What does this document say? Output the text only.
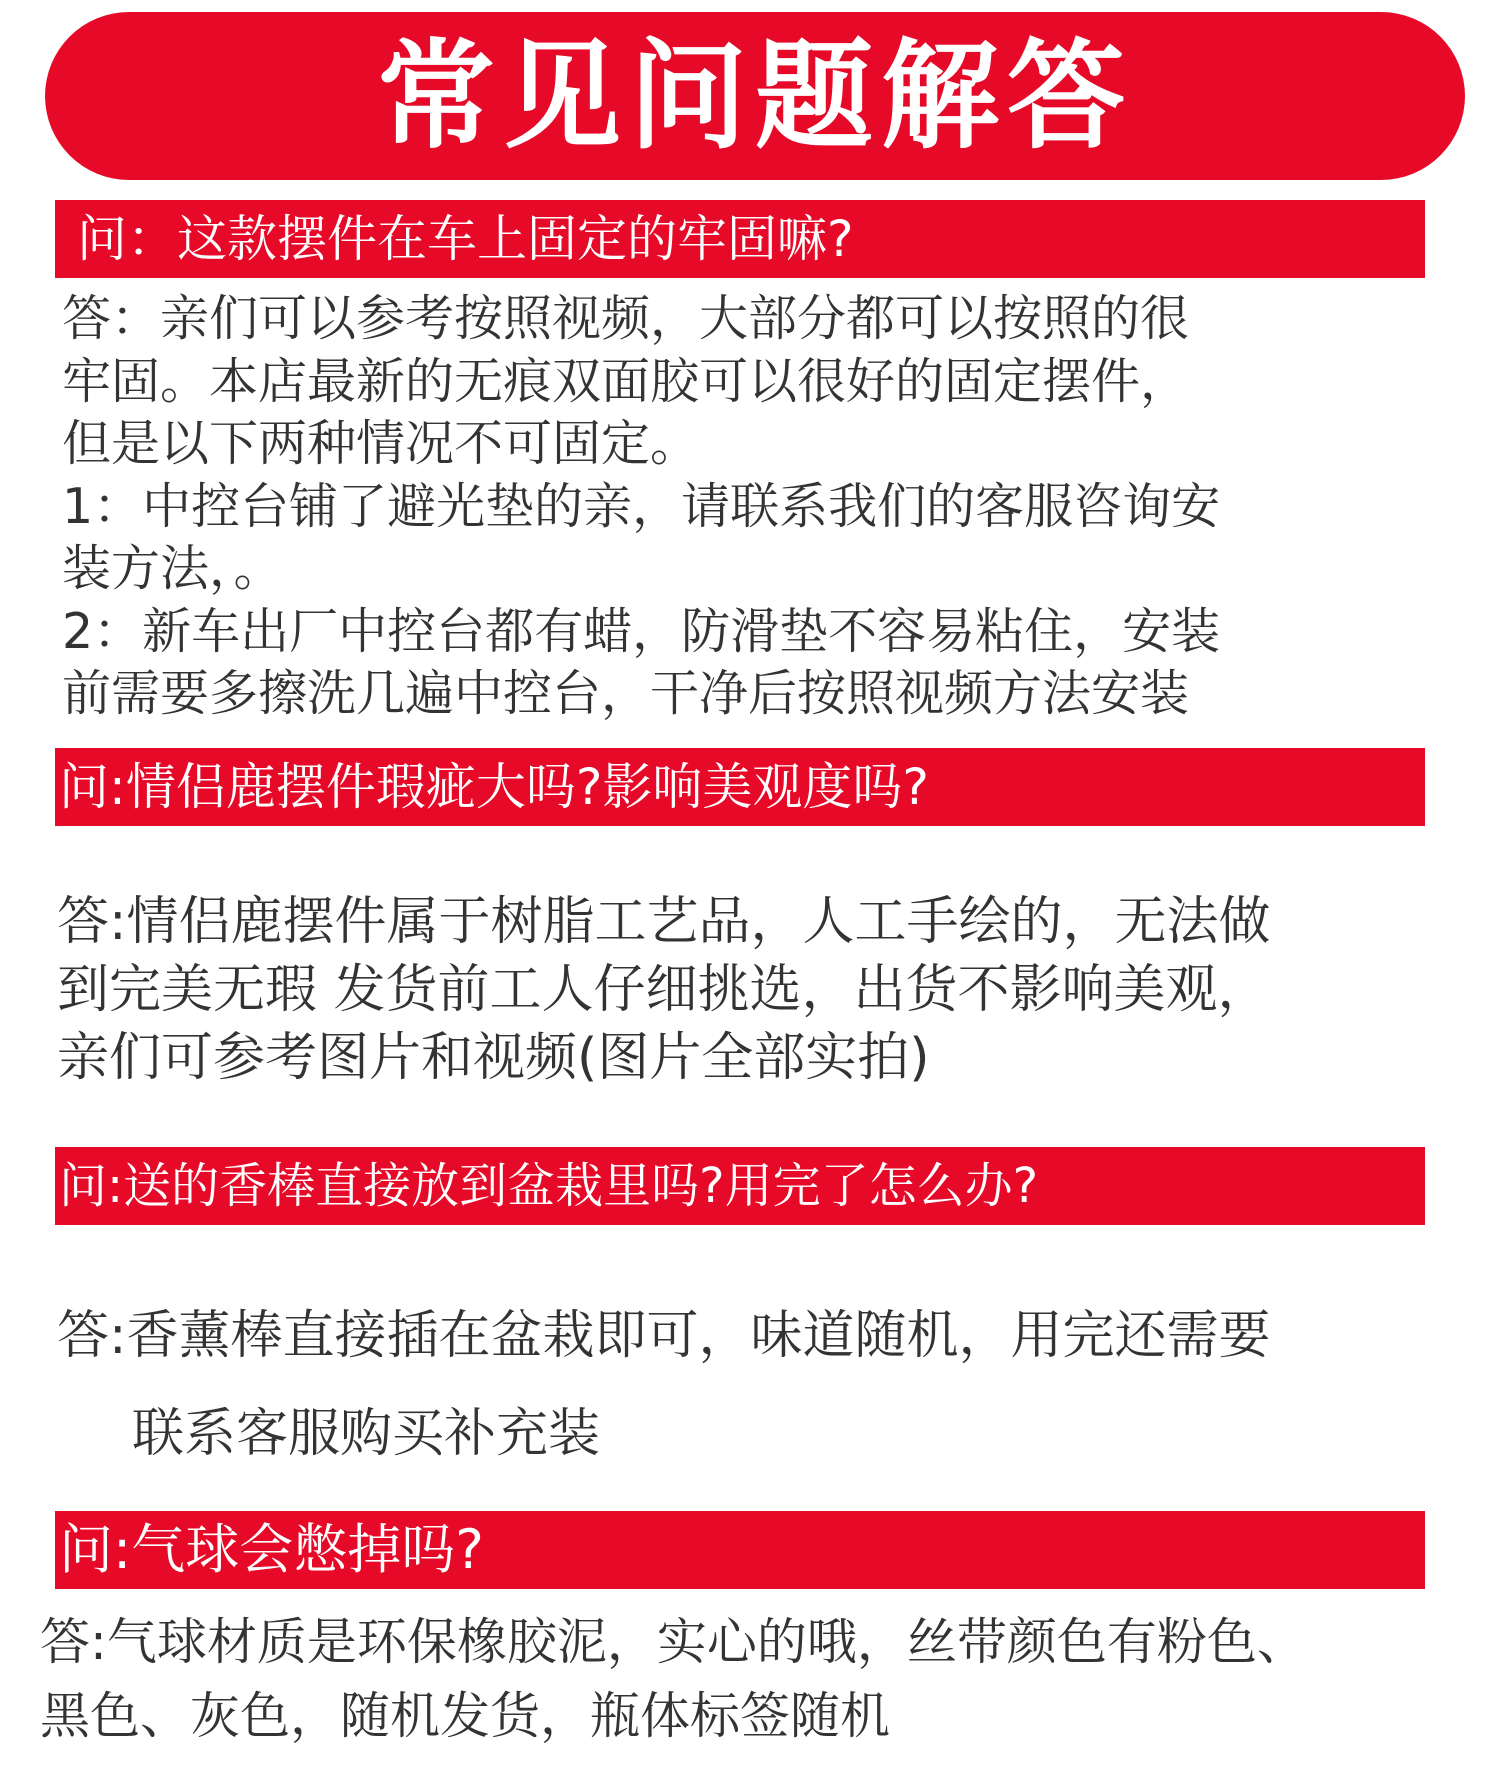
常见问题解答
问：这款摆件在车上固定的牢固嘛?
答：亲们可以参考按照视频，大部分都可以按照的很
牢固。本店最新的无痕双面胶可以很好的固定摆件，
但是以下两种情况不可固定。
1：中控台铺了避光垫的亲，请联系我们的客服咨询安
装方法，。
2：新车出厂中控台都有蜡，防滑垫不容易粘住，安装
前需要多擦洗几遍中控台，干净后按照视频方法安装
问:情侣鹿摆件瑕疵大吗?影响美观度吗?
答:情侣鹿摆件属于树脂工艺品，人工手绘的，无法做
到完美无瑕 发货前工人仔细挑选，出货不影响美观，
亲们可参考图片和视频(图片全部实拍)
问:送的香棒直接放到盆栽里吗?用完了怎么办?
答:香薰棒直接插在盆栽即可，味道随机，用完还需要
联系客服购买补充装
问:气球会憋掉吗?
答:气球材质是环保橡胶泥，实心的哦，丝带颜色有粉色、
黑色、灰色，随机发货，瓶体标签随机
